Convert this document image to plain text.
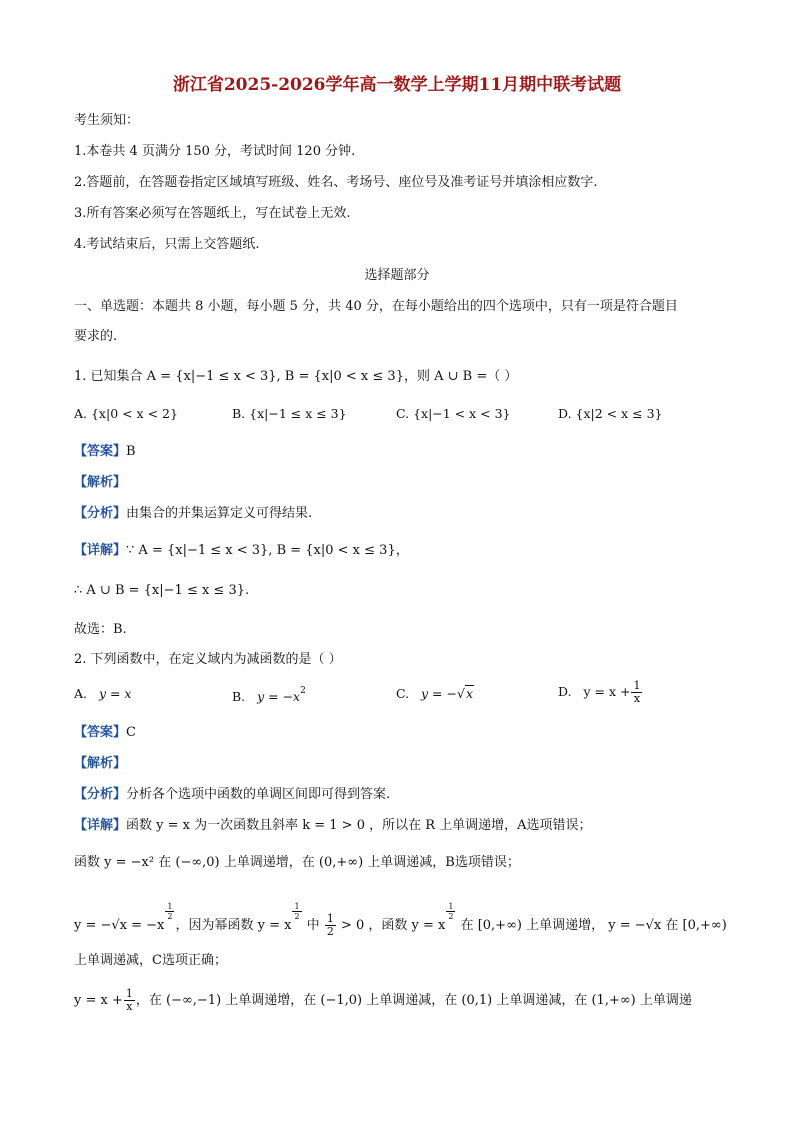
浙江省2025-2026学年高一数学上学期11月期中联考试题
考生须知：
1.本卷共 4 页满分 150 分，考试时间 120 分钟.
2.答题前，在答题卷指定区域填写班级、姓名、考场号、座位号及准考证号并填涂相应数字.
3.所有答案必须写在答题纸上，写在试卷上无效.
4.考试结束后，只需上交答题纸.
选择题部分
一、单选题：本题共 8 小题，每小题 5 分，共 40 分，在每小题给出的四个选项中，只有一项是符合题目
要求的.
1. 已知集合 A = {x|−1 ≤ x < 3}, B = {x|0 < x ≤ 3}，则 A ∪ B =（ ）
A. {x|0 < x < 2}	B. {x|−1 ≤ x ≤ 3}	C. {x|−1 < x < 3}	D. {x|2 < x ≤ 3}
【答案】B
【解析】
【分析】由集合的并集运算定义可得结果.
【详解】∵ A = {x|−1 ≤ x < 3}, B = {x|0 < x ≤ 3}，
∴ A ∪ B = {x|−1 ≤ x ≤ 3}.
故选：B.
2. 下列函数中，在定义域内为减函数的是（ ）
A. y = x	B. $y = -x^2$	C. y = −√x	D. $y = x + \frac{1}{x}$
【答案】C
【解析】
【分析】分析各个选项中函数的单调区间即可得到答案.
【详解】函数 y = x 为一次函数且斜率 k = 1 > 0 ，所以在 R 上单调递增，A选项错误；
函数 y = −x² 在 (−∞,0) 上单调递增，在 (0,+∞) 上单调递减，B选项错误；
y = −√x = −x
$\frac{1}{2}$
，因为幂函数 y = x
$\frac{1}{2}$
中 $\frac{1}{2} > 0$ ，函数 y = x
$\frac{1}{2}$
在 [0,+∞) 上单调递增， y = −√x 在 [0,+∞)
上单调递减，C选项正确；
$y = x + \frac{1}{x}$ ，在 (−∞,−1) 上单调递增，在 (−1,0) 上单调递减，在 (0,1) 上单调递减，在 (1,+∞) 上单调递
